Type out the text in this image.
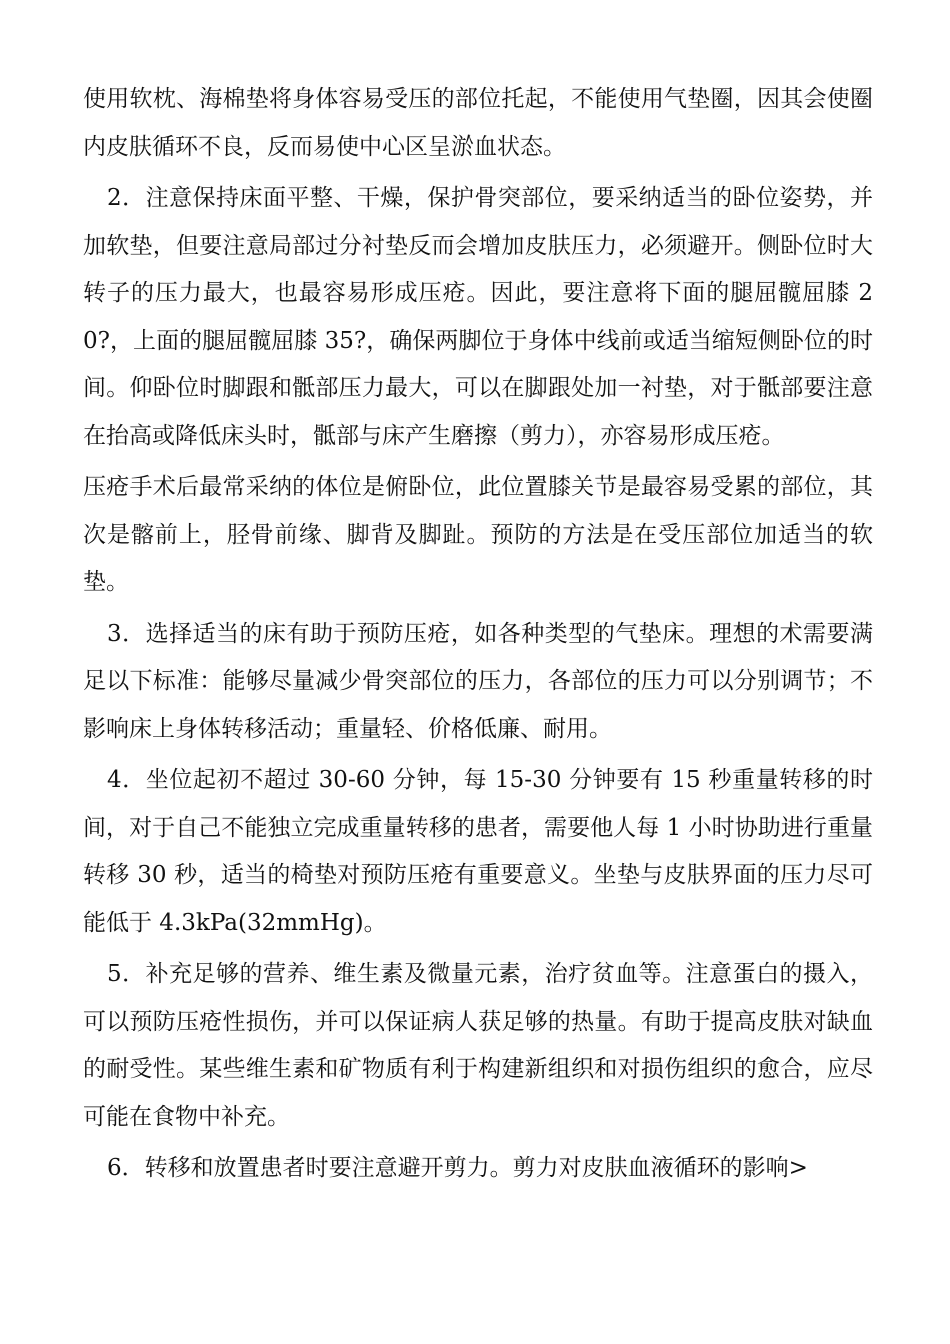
使用软枕、海棉垫将身体容易受压的部位托起，不能使用气垫圈，因其会使圈内皮肤循环不良，反而易使中心区呈淤血状态。

2．注意保持床面平整、干燥，保护骨突部位，要采纳适当的卧位姿势，并加软垫，但要注意局部过分衬垫反而会增加皮肤压力，必须避开。侧卧位时大转子的压力最大，也最容易形成压疮。因此，要注意将下面的腿屈髋屈膝 20?，上面的腿屈髋屈膝 35?，确保两脚位于身体中线前或适当缩短侧卧位的时间。仰卧位时脚跟和骶部压力最大，可以在脚跟处加一衬垫，对于骶部要注意在抬高或降低床头时，骶部与床产生磨擦（剪力），亦容易形成压疮。

压疮手术后最常采纳的体位是俯卧位，此位置膝关节是最容易受累的部位，其次是髂前上，胫骨前缘、脚背及脚趾。预防的方法是在受压部位加适当的软垫。

3．选择适当的床有助于预防压疮，如各种类型的气垫床。理想的术需要满足以下标准：能够尽量减少骨突部位的压力，各部位的压力可以分别调节；不影响床上身体转移活动；重量轻、价格低廉、耐用。

4．坐位起初不超过 30-60 分钟，每 15-30 分钟要有 15 秒重量转移的时间，对于自己不能独立完成重量转移的患者，需要他人每 1 小时协助进行重量转移 30 秒，适当的椅垫对预防压疮有重要意义。坐垫与皮肤界面的压力尽可能低于 4.3kPa(32mmHg)。

5．补充足够的营养、维生素及微量元素，治疗贫血等。注意蛋白的摄入，可以预防压疮性损伤，并可以保证病人获足够的热量。有助于提高皮肤对缺血的耐受性。某些维生素和矿物质有利于构建新组织和对损伤组织的愈合，应尽可能在食物中补充。

6．转移和放置患者时要注意避开剪力。剪力对皮肤血液循环的影响>
